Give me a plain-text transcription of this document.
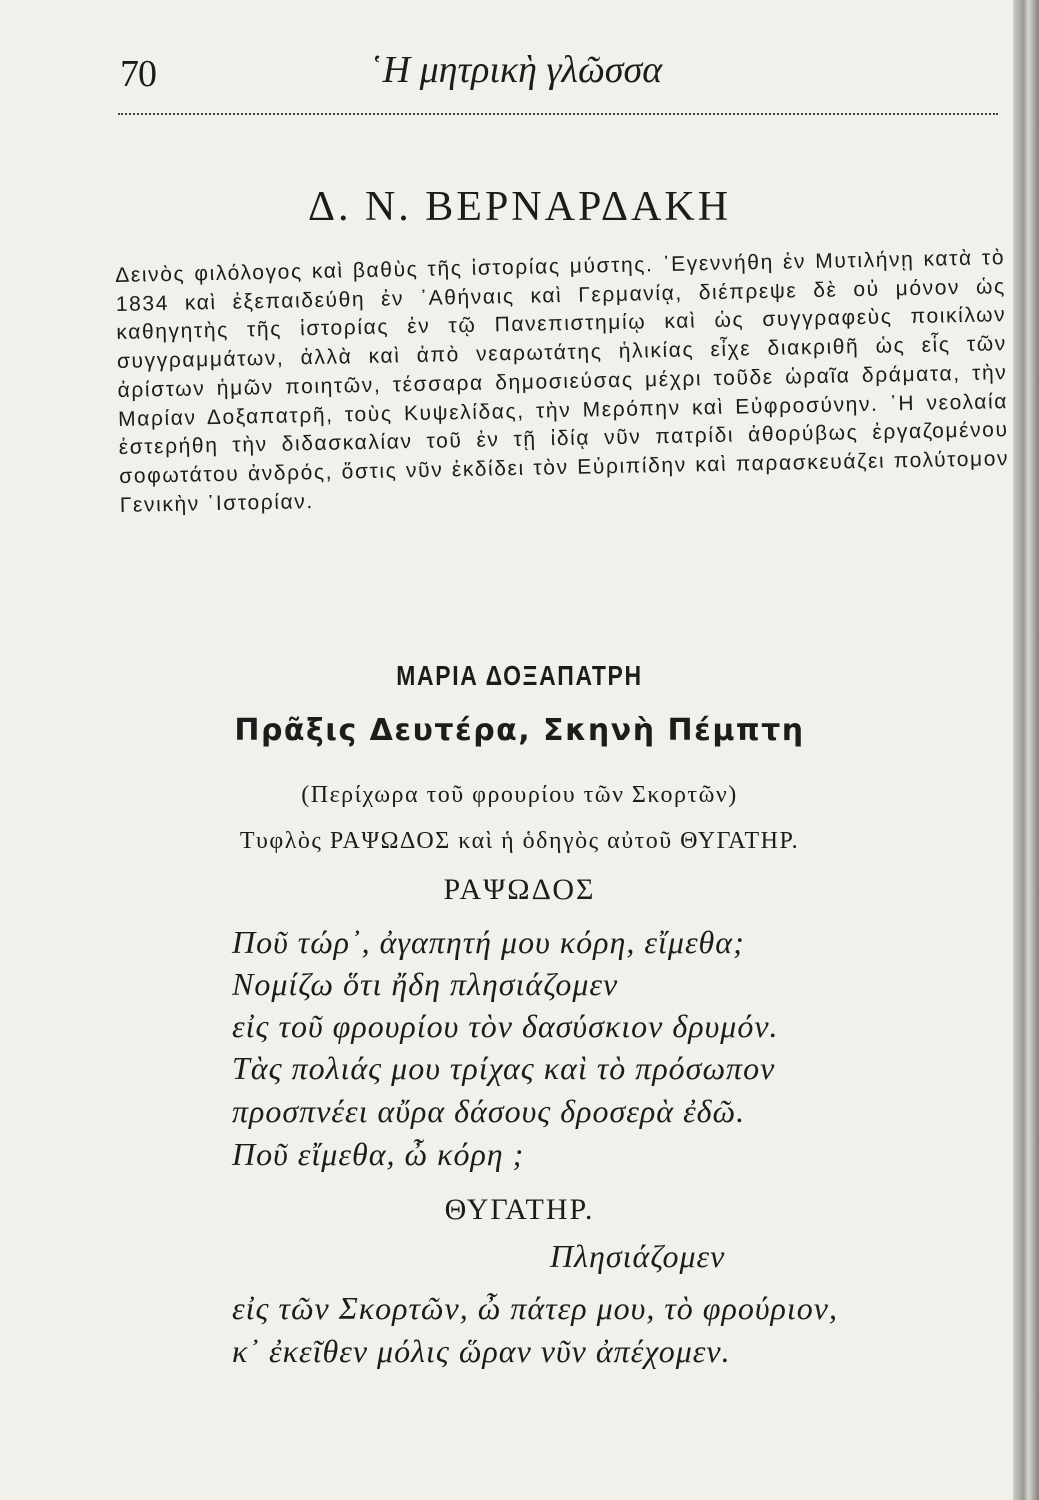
70	῾Η μητρικὴ γλῶσσα
Δ. Ν. ΒΕΡΝΑΡΔΑΚΗ
Δεινὸς φιλόλογος καὶ βαθὺς τῆς ἱστορίας μύστης. ᾿Εγεννήθη ἐν Μυτιλήνῃ κατὰ τὸ 1834 καὶ ἐξεπαιδεύθη ἐν ᾿Αθήναις καὶ Γερμανίᾳ, διέπρεψε δὲ οὐ μόνον ὡς καθηγητὴς τῆς ἱστορίας ἐν τῷ Πανεπιστημίῳ καὶ ὡς συγγραφεὺς ποικίλων συγγραμμάτων, ἀλλὰ καὶ ἀπὸ νεαρωτάτης ἡλικίας εἶχε διακριθῆ ὡς εἷς τῶν ἀρίστων ἡμῶν ποιητῶν, τέσσαρα δημοσιεύσας μέχρι τοῦδε ὡραῖα δράματα, τὴν Μαρίαν Δοξαπατρῆ, τοὺς Κυψελίδας, τὴν Μερόπην καὶ Εὐφροσύνην. ῾Η νεολαία ἐστερήθη τὴν διδασκαλίαν τοῦ ἐν τῇ ἰδίᾳ νῦν πατρίδι ἀθορύβως ἐργαζομένου σοφωτάτου ἀνδρός, ὅστις νῦν ἐκδίδει τὸν Εὐριπίδην καὶ παρασκευάζει πολύτομον Γενικὴν ῾Ιστορίαν.
ΜΑΡΙΑ ΔΟΞΑΠΑΤΡΗ
Πρᾶξις Δευτέρα, Σκηνὴ Πέμπτη
(Περίχωρα τοῦ φρουρίου τῶν Σκορτῶν)
Τυφλὸς ΡΑΨΩΔΟΣ καὶ ἡ ὁδηγὸς αὐτοῦ ΘΥΓΑΤΗΡ.
ΡΑΨΩΔΟΣ
Ποῦ τώρ᾿, ἀγαπητή μου κόρη, εἴμεθα;
Νομίζω ὅτι ἤδη πλησιάζομεν
εἰς τοῦ φρουρίου τὸν δασύσκιον δρυμόν.
Τὰς πολιάς μου τρίχας καὶ τὸ πρόσωπον
προσπνέει αὔρα δάσους δροσερὰ ἐδῶ.
Ποῦ εἴμεθα, ὦ κόρη ;
ΘΥΓΑΤΗΡ.
Πλησιάζομεν
εἰς τῶν Σκορτῶν, ὦ πάτερ μου, τὸ φρούριον,
κ᾿ ἐκεῖθεν μόλις ὥραν νῦν ἀπέχομεν.
